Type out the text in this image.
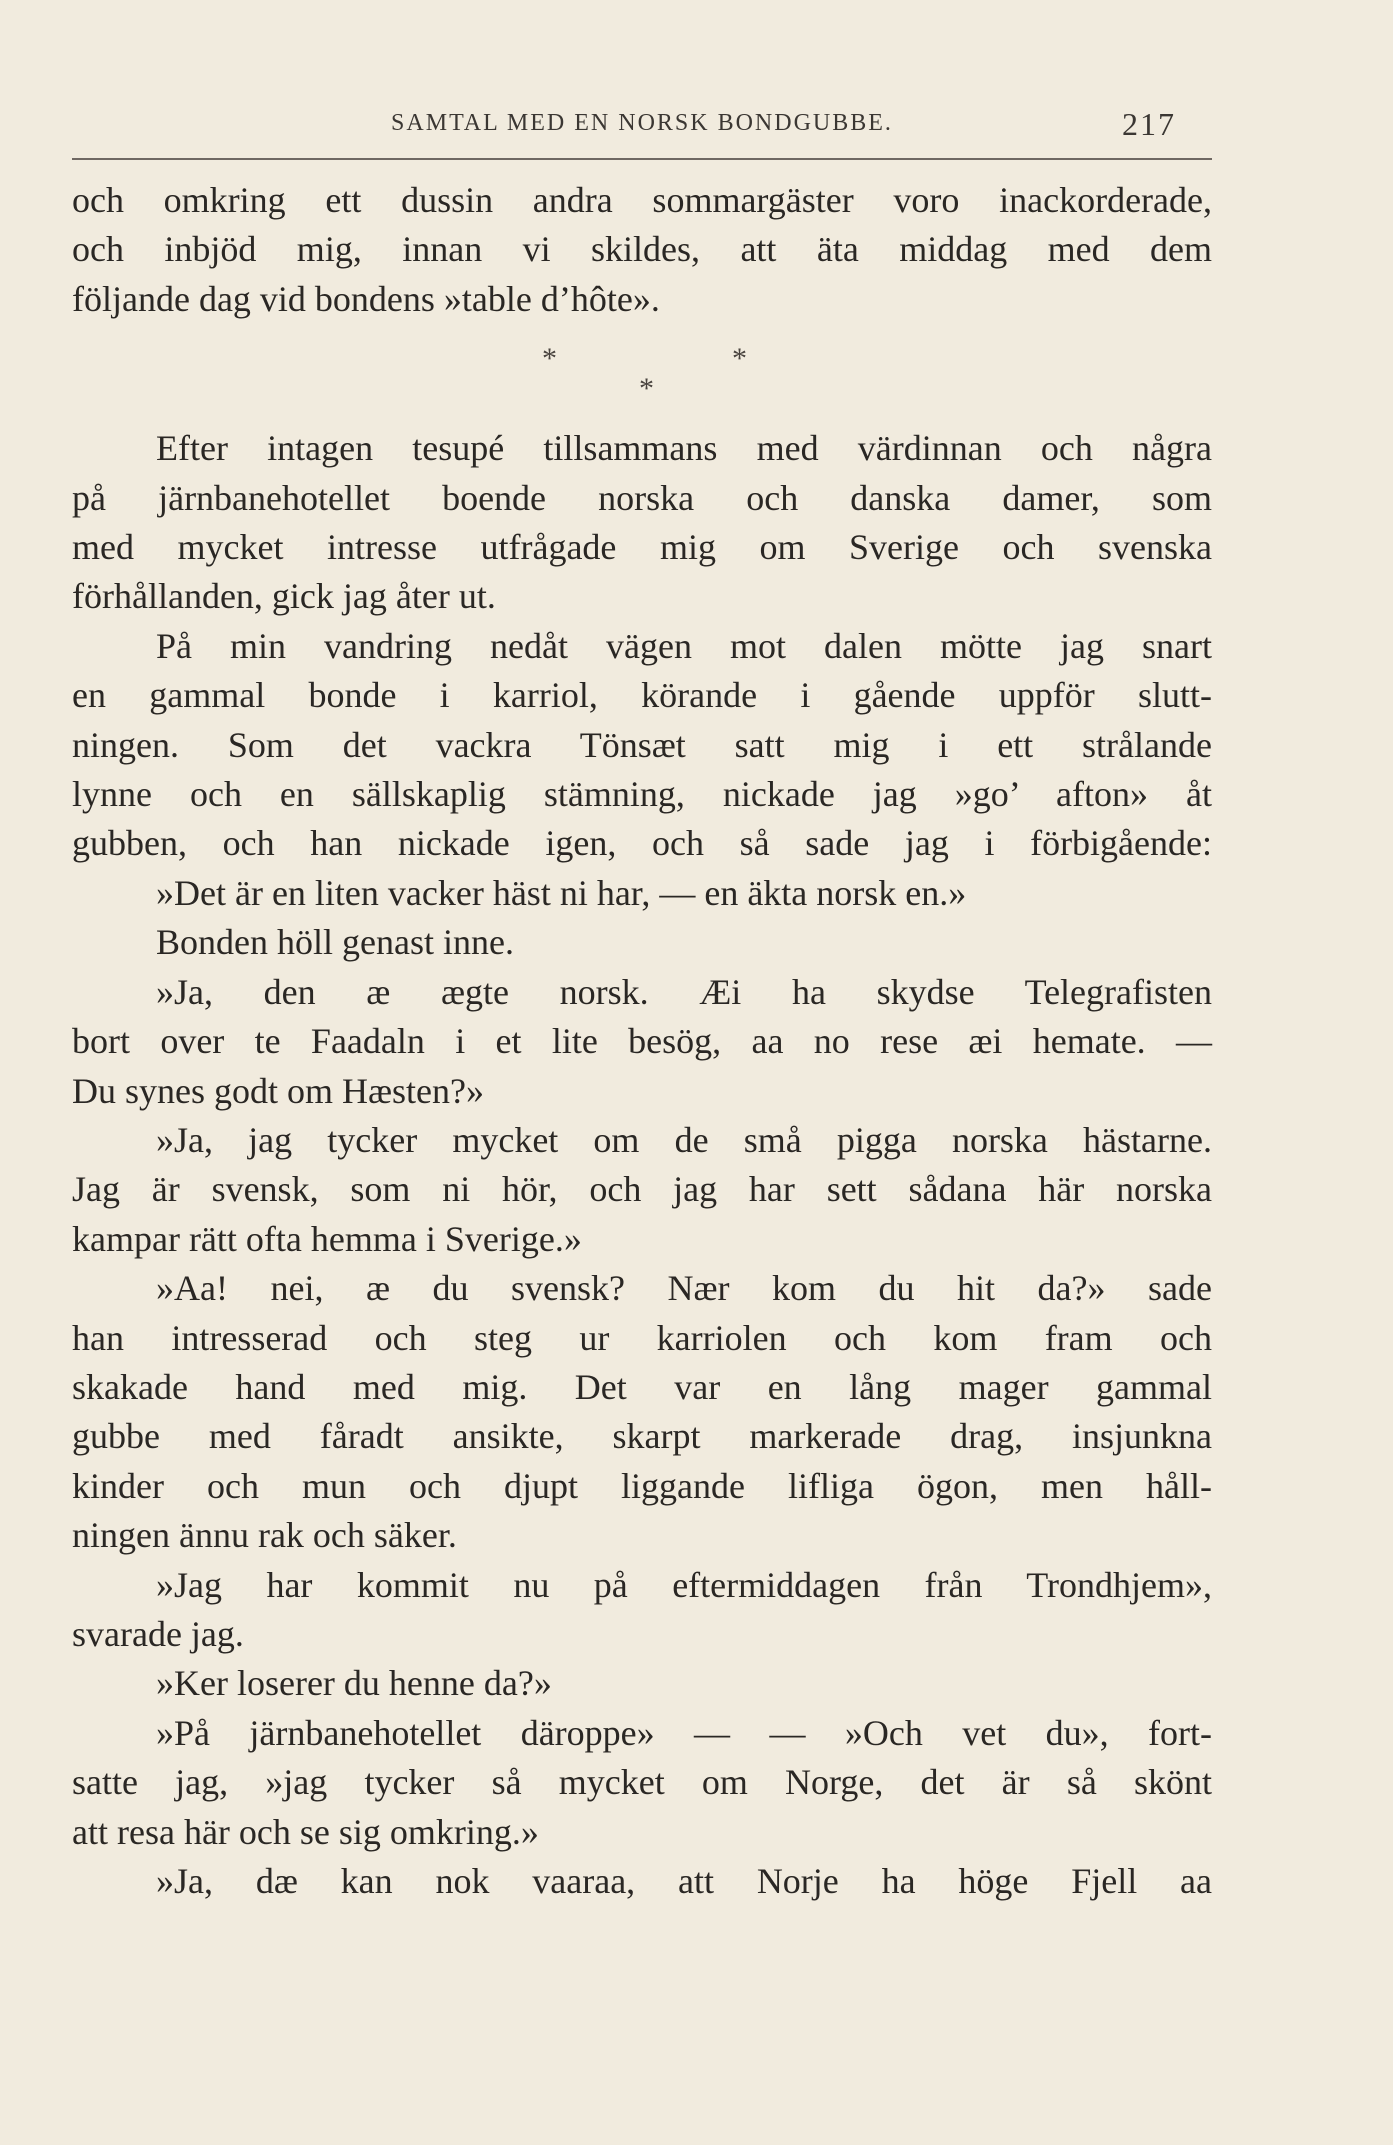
SAMTAL MED EN NORSK BONDGUBBE.	217
och omkring ett dussin andra sommargäster voro inackorderade,
och inbjöd mig, innan vi skildes, att äta middag med dem
följande dag vid bondens »table d’hôte».
*	*
*
Efter intagen tesupé tillsammans med värdinnan och några
på järnbanehotellet boende norska och danska damer, som
med mycket intresse utfrågade mig om Sverige och svenska
förhållanden, gick jag åter ut.
På min vandring nedåt vägen mot dalen mötte jag snart
en gammal bonde i karriol, körande i gående uppför slutt-
ningen. Som det vackra Tönsæt satt mig i ett strålande
lynne och en sällskaplig stämning, nickade jag »go’ afton» åt
gubben, och han nickade igen, och så sade jag i förbigående:
»Det är en liten vacker häst ni har, — en äkta norsk en.»
Bonden höll genast inne.
»Ja, den æ ægte norsk. Æi ha skydse Telegrafisten
bort over te Faadaln i et lite besög, aa no rese æi hemate. —
Du synes godt om Hæsten?»
»Ja, jag tycker mycket om de små pigga norska hästarne.
Jag är svensk, som ni hör, och jag har sett sådana här norska
kampar rätt ofta hemma i Sverige.»
»Aa! nei, æ du svensk? Nær kom du hit da?» sade
han intresserad och steg ur karriolen och kom fram och
skakade hand med mig. Det var en lång mager gammal
gubbe med fåradt ansikte, skarpt markerade drag, insjunkna
kinder och mun och djupt liggande lifliga ögon, men håll-
ningen ännu rak och säker.
»Jag har kommit nu på eftermiddagen från Trondhjem»,
svarade jag.
»Ker loserer du henne da?»
»På järnbanehotellet däroppe» — — »Och vet du», fort-
satte jag, »jag tycker så mycket om Norge, det är så skönt
att resa här och se sig omkring.»
»Ja, dæ kan nok vaaraa, att Norje ha höge Fjell aa
